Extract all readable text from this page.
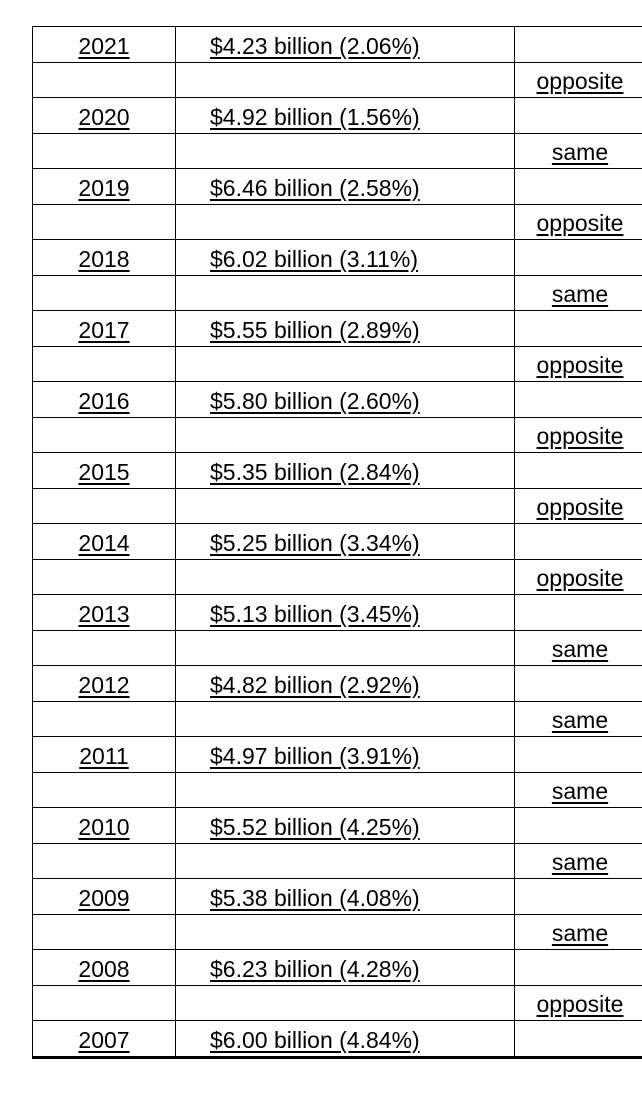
2021	$4.23 billion (2.06%)	
		opposite
2020	$4.92 billion (1.56%)	
		same
2019	$6.46 billion (2.58%)	
		opposite
2018	$6.02 billion (3.11%)	
		same
2017	$5.55 billion (2.89%)	
		opposite
2016	$5.80 billion (2.60%)	
		opposite
2015	$5.35 billion (2.84%)	
		opposite
2014	$5.25 billion (3.34%)	
		opposite
2013	$5.13 billion (3.45%)	
		same
2012	$4.82 billion (2.92%)	
		same
2011	$4.97 billion (3.91%)	
		same
2010	$5.52 billion (4.25%)	
		same
2009	$5.38 billion (4.08%)	
		same
2008	$6.23 billion (4.28%)	
		opposite
2007	$6.00 billion (4.84%)	
